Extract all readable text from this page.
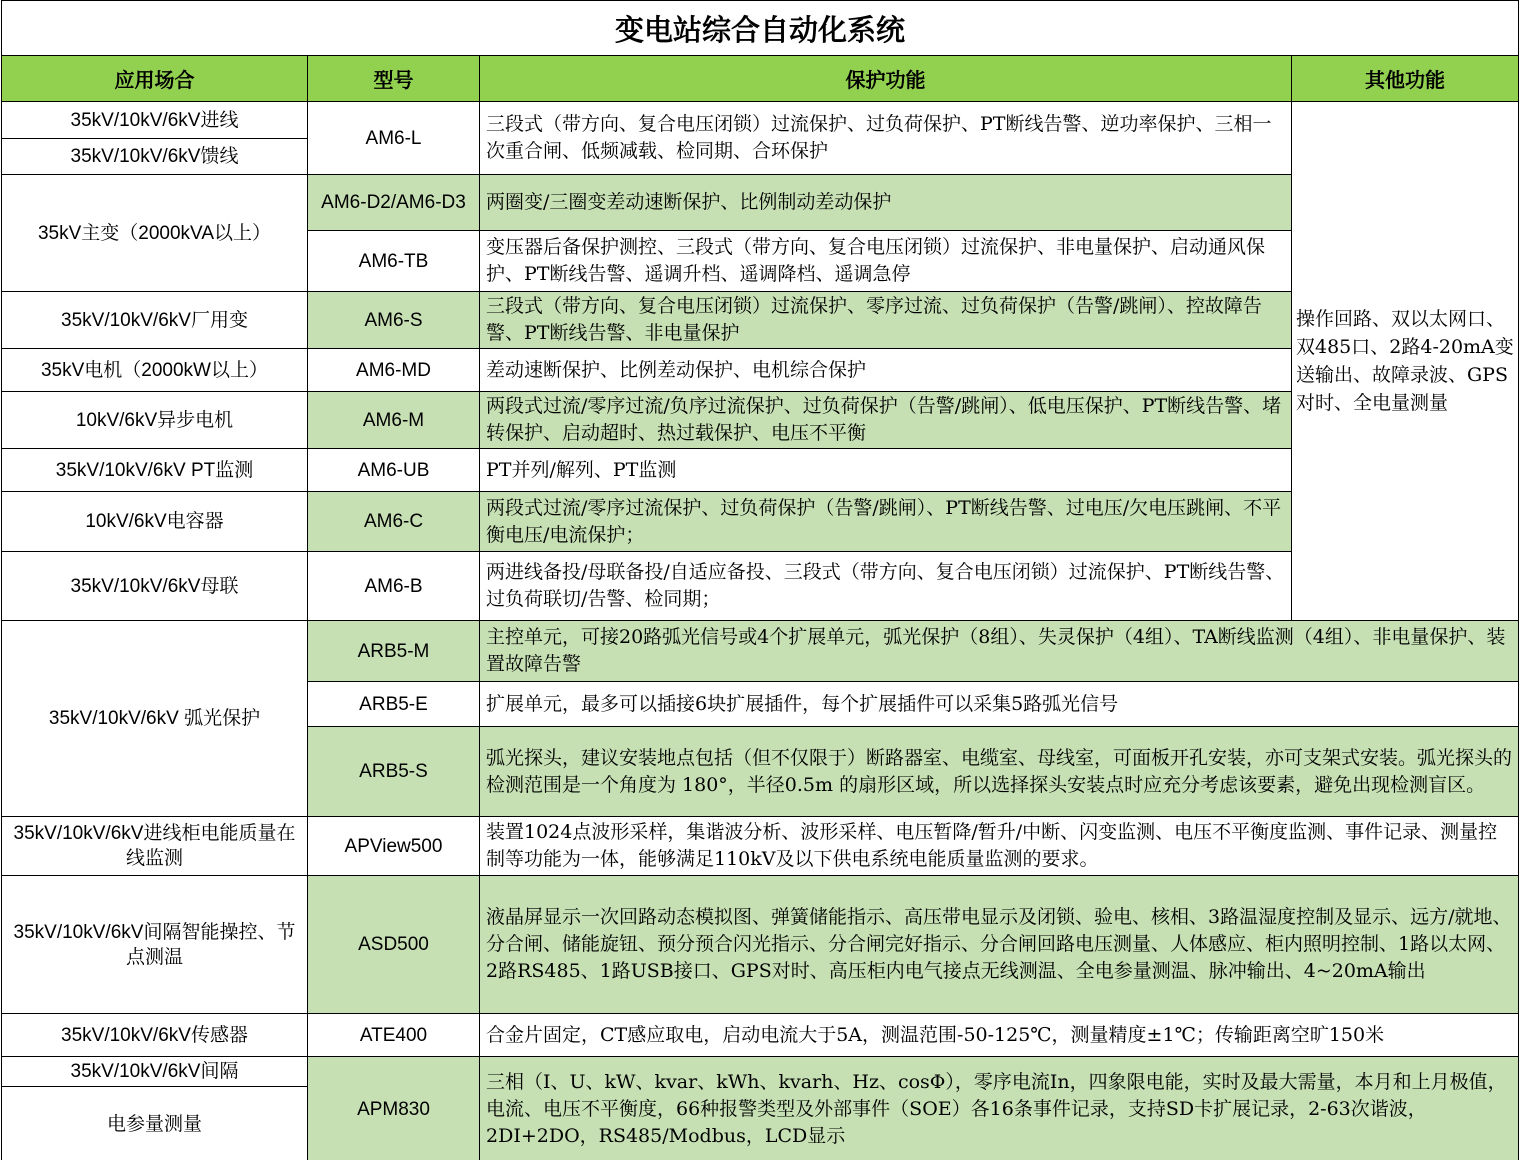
变电站综合自动化系统			
应用场合	型号	保护功能	其他功能
35kV/10kV/6kV进线	AM6-L	三段式（带方向、复合电压闭锁）过流保护、过负荷保护、PT断线告警、逆功率保护、三相一次重合闸、低频减载、检同期、合环保护	操作回路、双以太网口、双485口、2路4-20mA变送输出、故障录波、GPS对时、全电量测量
35kV/10kV/6kV馈线			
35kV主变（2000kVA以上）	AM6-D2/AM6-D3	两圈变/三圈变差动速断保护、比例制动差动保护	
	AM6-TB	变压器后备保护测控、三段式（带方向、复合电压闭锁）过流保护、非电量保护、启动通风保护、PT断线告警、遥调升档、遥调降档、遥调急停	
35kV/10kV/6kV厂用变	AM6-S	三段式（带方向、复合电压闭锁）过流保护、零序过流、过负荷保护（告警/跳闸）、控故障告警、PT断线告警、非电量保护	
35kV电机（2000kW以上）	AM6-MD	差动速断保护、比例差动保护、电机综合保护	
10kV/6kV异步电机	AM6-M	两段式过流/零序过流/负序过流保护、过负荷保护（告警/跳闸）、低电压保护、PT断线告警、堵转保护、启动超时、热过载保护、电压不平衡	
35kV/10kV/6kV PT监测	AM6-UB	PT并列/解列、PT监测	
10kV/6kV电容器	AM6-C	两段式过流/零序过流保护、过负荷保护（告警/跳闸）、PT断线告警、过电压/欠电压跳闸、不平衡电压/电流保护；	
35kV/10kV/6kV母联	AM6-B	两进线备投/母联备投/自适应备投、三段式（带方向、复合电压闭锁）过流保护、PT断线告警、过负荷联切/告警、检同期；	
35kV/10kV/6kV 弧光保护	ARB5-M	主控单元，可接20路弧光信号或4个扩展单元，弧光保护（8组）、失灵保护（4组）、TA断线监测（4组）、非电量保护、装置故障告警	
	ARB5-E	扩展单元，最多可以插接6块扩展插件，每个扩展插件可以采集5路弧光信号	
	ARB5-S	弧光探头，建议安装地点包括（但不仅限于）断路器室、电缆室、母线室，可面板开孔安装，亦可支架式安装。弧光探头的检测范围是一个角度为 180°，半径0.5m 的扇形区域，所以选择探头安装点时应充分考虑该要素，避免出现检测盲区。	
35kV/10kV/6kV进线柜电能质量在线监测	APView500	装置1024点波形采样，集谐波分析、波形采样、电压暂降/暂升/中断、闪变监测、电压不平衡度监测、事件记录、测量控制等功能为一体，能够满足110kV及以下供电系统电能质量监测的要求。	
35kV/10kV/6kV间隔智能操控、节点测温	ASD500	液晶屏显示一次回路动态模拟图、弹簧储能指示、高压带电显示及闭锁、验电、核相、3路温湿度控制及显示、远方/就地、分合闸、储能旋钮、预分预合闪光指示、分合闸完好指示、分合闸回路电压测量、人体感应、柜内照明控制、1路以太网、2路RS485、1路USB接口、GPS对时、高压柜内电气接点无线测温、全电参量测温、脉冲输出、4~20mA输出	
35kV/10kV/6kV传感器	ATE400	合金片固定，CT感应取电，启动电流大于5A，测温范围-50-125℃，测量精度±1℃；传输距离空旷150米	
35kV/10kV/6kV间隔	APM830	三相（I、U、kW、kvar、kWh、kvarh、Hz、cosΦ），零序电流In，四象限电能，实时及最大需量，本月和上月极值，电流、电压不平衡度，66种报警类型及外部事件（SOE）各16条事件记录，支持SD卡扩展记录，2-63次谐波，2DI+2DO，RS485/Modbus，LCD显示	
电参量测量			
